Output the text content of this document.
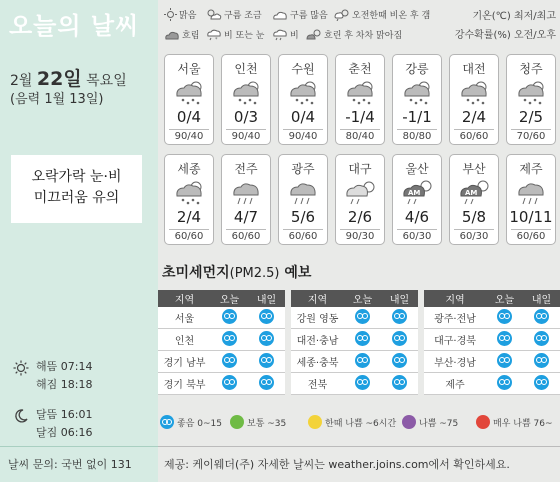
오늘의 날씨
2월 22일 목요일
(음력 1월 13일)
오락가락 눈·비
미끄러움 유의
해뜸 07:14
해짐 18:18
달뜸 16:01
달짐 06:16
날씨 문의: 국번 없이 131
맑음	구름 조금	구름 많음	오전한때 비온 후 갬
흐림	* 비 또는 눈	비	흐린 후 차차 맑아짐
기온(℃) 최저/최고
강수확률(%) 오전/오후
서울
0/4
90/40
인천
0/3
90/40
수원
0/4
90/40
춘천
-1/4
80/40
강릉
-1/1
80/80
대전
2/4
60/60
청주
2/5
70/60
세종
2/4
60/60
전주
4/7
60/60
광주
5/6
60/60
대구
2/6
90/30
울산
AM
4/6
60/30
부산
AM
5/8
60/30
제주
10/11
60/60
초미세먼지(PM2.5) 예보
지역	오늘	내일
서울
인천
경기 남부
경기 북부
지역	오늘	내일
강원 영동
대전·충남
세종·충북
전북
지역	오늘	내일
광주·전남
대구·경북
부산·경남
제주
좋음 0~15	보통 ~35	한때 나쁨 ~6시간	나쁨 ~75	매우 나쁨 76~
제공: 케이웨더(주) 자세한 날씨는 weather.joins.com에서 확인하세요.
